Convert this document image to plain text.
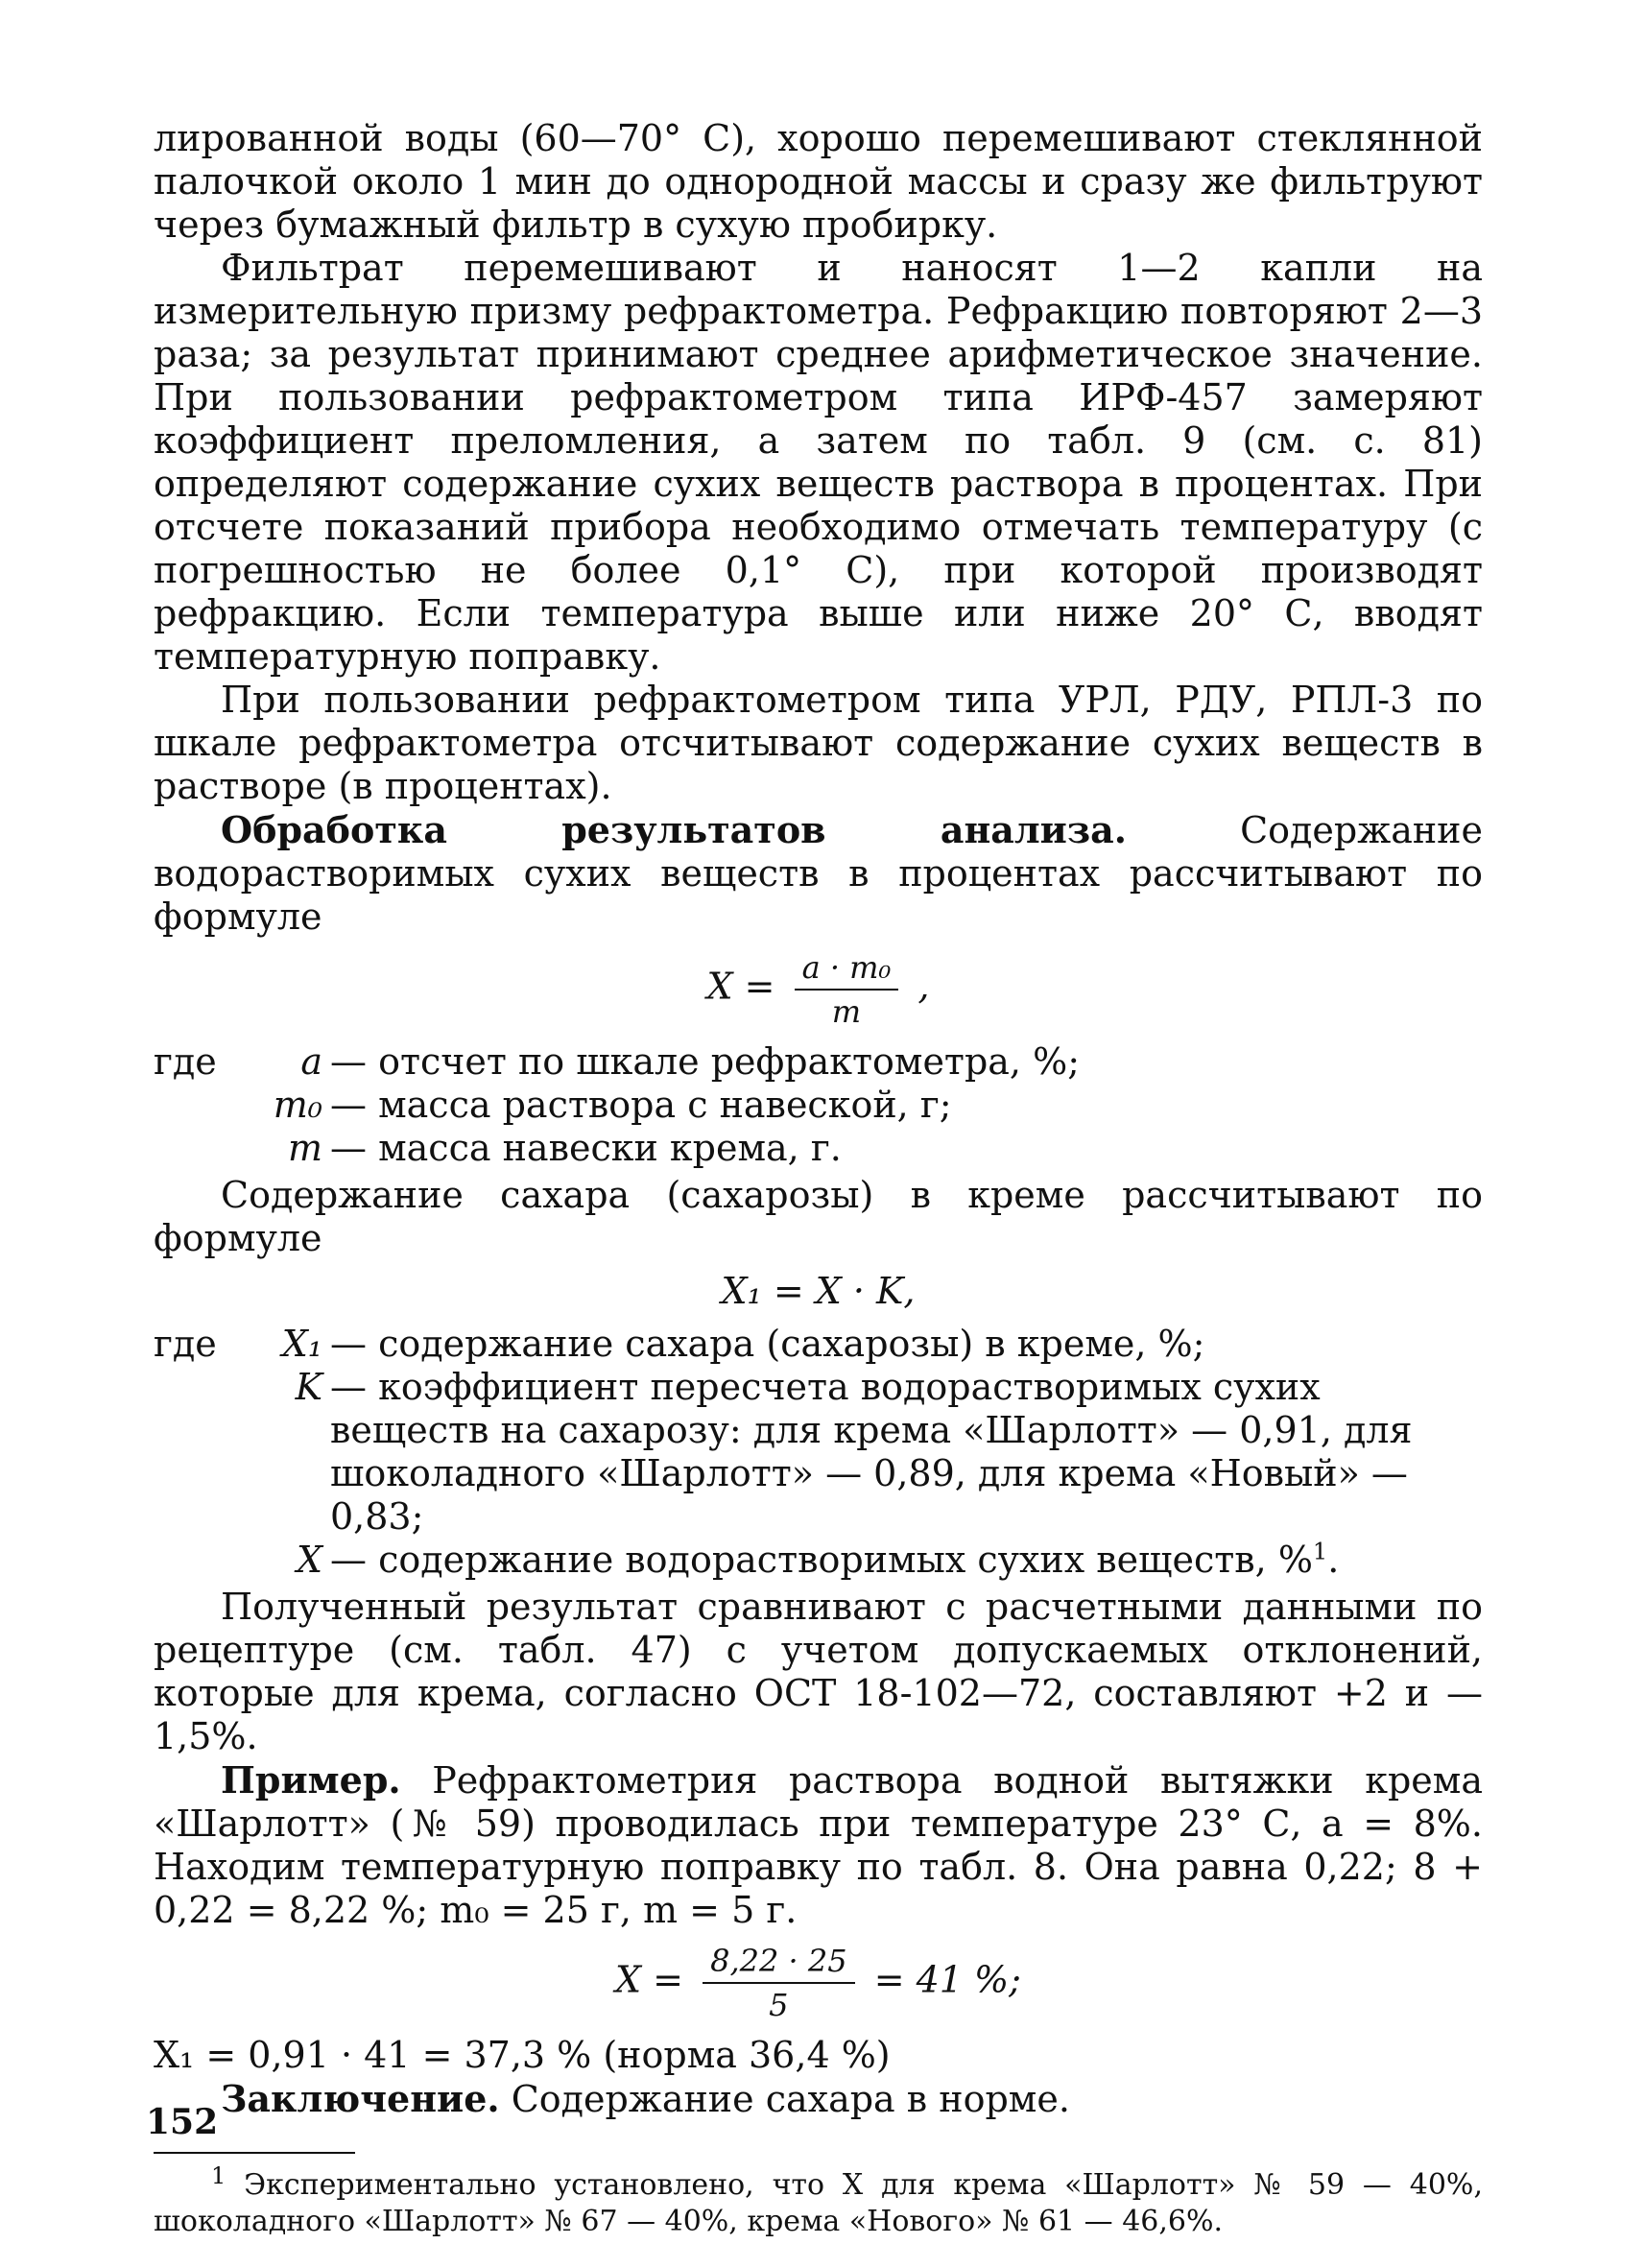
лированной воды (60—70° С), хорошо перемешивают стеклянной палочкой около 1 мин до однородной массы и сразу же фильтруют через бумажный фильтр в сухую пробирку.

Фильтрат перемешивают и наносят 1—2 капли на измерительную призму рефрактометра. Рефракцию повторяют 2—3 раза; за результат принимают среднее арифметическое значение. При пользовании рефрактометром типа ИРФ-457 замеряют коэффициент преломления, а затем по табл. 9 (см. с. 81) определяют содержание сухих веществ раствора в процентах. При отсчете показаний прибора необходимо отмечать температуру (с погрешностью не более 0,1° С), при которой производят рефракцию. Если температура выше или ниже 20° С, вводят температурную поправку.

При пользовании рефрактометром типа УРЛ, РДУ, РПЛ-3 по шкале рефрактометра отсчитывают содержание сухих веществ в растворе (в процентах).

Обработка результатов анализа. Содержание водорастворимых сухих веществ в процентах рассчитывают по формуле

$X = \frac{\text{a · m₀}}{m}$ ,
где	a — отсчет по шкале рефрактометра, %;
m₀ — масса раствора с навеской, г;
m — масса навески крема, г.

Содержание сахара (сахарозы) в креме рассчитывают по формуле

X₁ = X · K,
где	X₁ — содержание сахара (сахарозы) в креме, %;
K — коэффициент пересчета водорастворимых сухих веществ на сахарозу: для крема «Шарлотт» — 0,91, для шоколадного «Шарлотт» — 0,89, для крема «Новый» — 0,83;
X — содержание водорастворимых сухих веществ, %$^1$.

Полученный результат сравнивают с расчетными данными по рецептуре (см. табл. 47) с учетом допускаемых отклонений, которые для крема, согласно ОСТ 18-102—72, составляют +2 и —1,5%.

Пример. Рефрактометрия раствора водной вытяжки крема «Шарлотт» (№ 59) проводилась при температуре 23° С, a = 8%. Находим температурную поправку по табл. 8. Она равна 0,22; 8 + 0,22 = 8,22 %; m₀ = 25 г, m = 5 г.

$X = \frac{8,22 \cdot 25}{5} = 41$ %;

X₁ = 0,91 · 41 = 37,3 % (норма 36,4 %)

Заключение. Содержание сахара в норме.

$^1$ Экспериментально установлено, что X для крема «Шарлотт» № 59 — 40%, шоколадного «Шарлотт» № 67 — 40%, крема «Нового» № 61 — 46,6%.

152
